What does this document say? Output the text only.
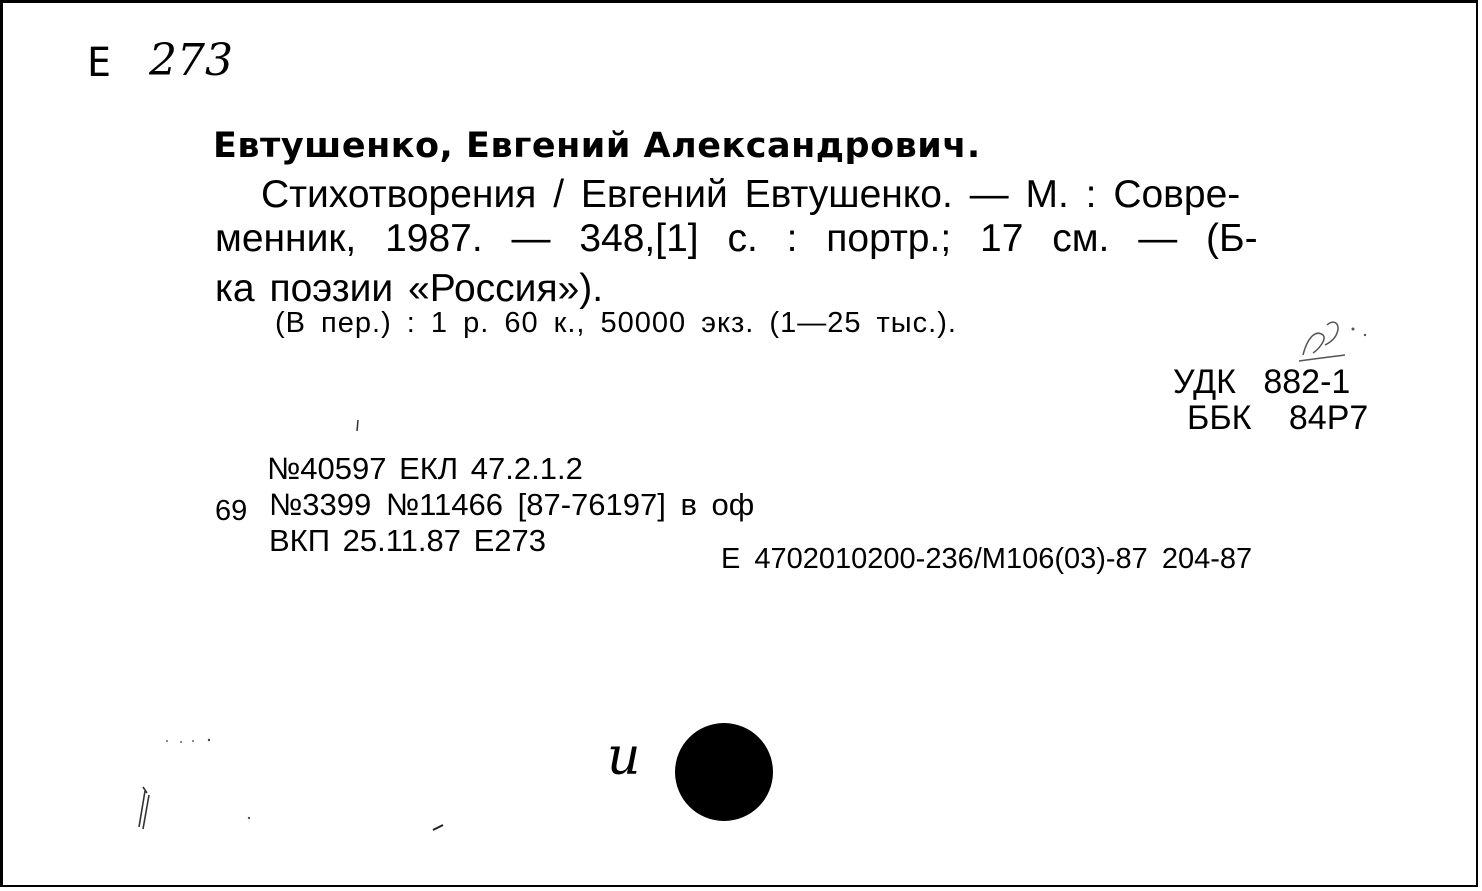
Е 273
Евтушенко, Евгений Александрович.
Стихотворения / Евгений Евтушенко. — М. : Совре-
менник, 1987. — 348,[1] с. : портр.; 17 см. — (Б-
ка поэзии «Россия»).
(В пер.) : 1 р. 60 к., 50000 экз. (1—25 тыс.).
УДК 882-1
ББК 84Р7
№40597 ЕКЛ 47.2.1.2
69 №3399 №11466 [87-76197] в оф
ВКП 25.11.87 Е273
Е 4702010200-236/М106(03)-87 204-87
и
